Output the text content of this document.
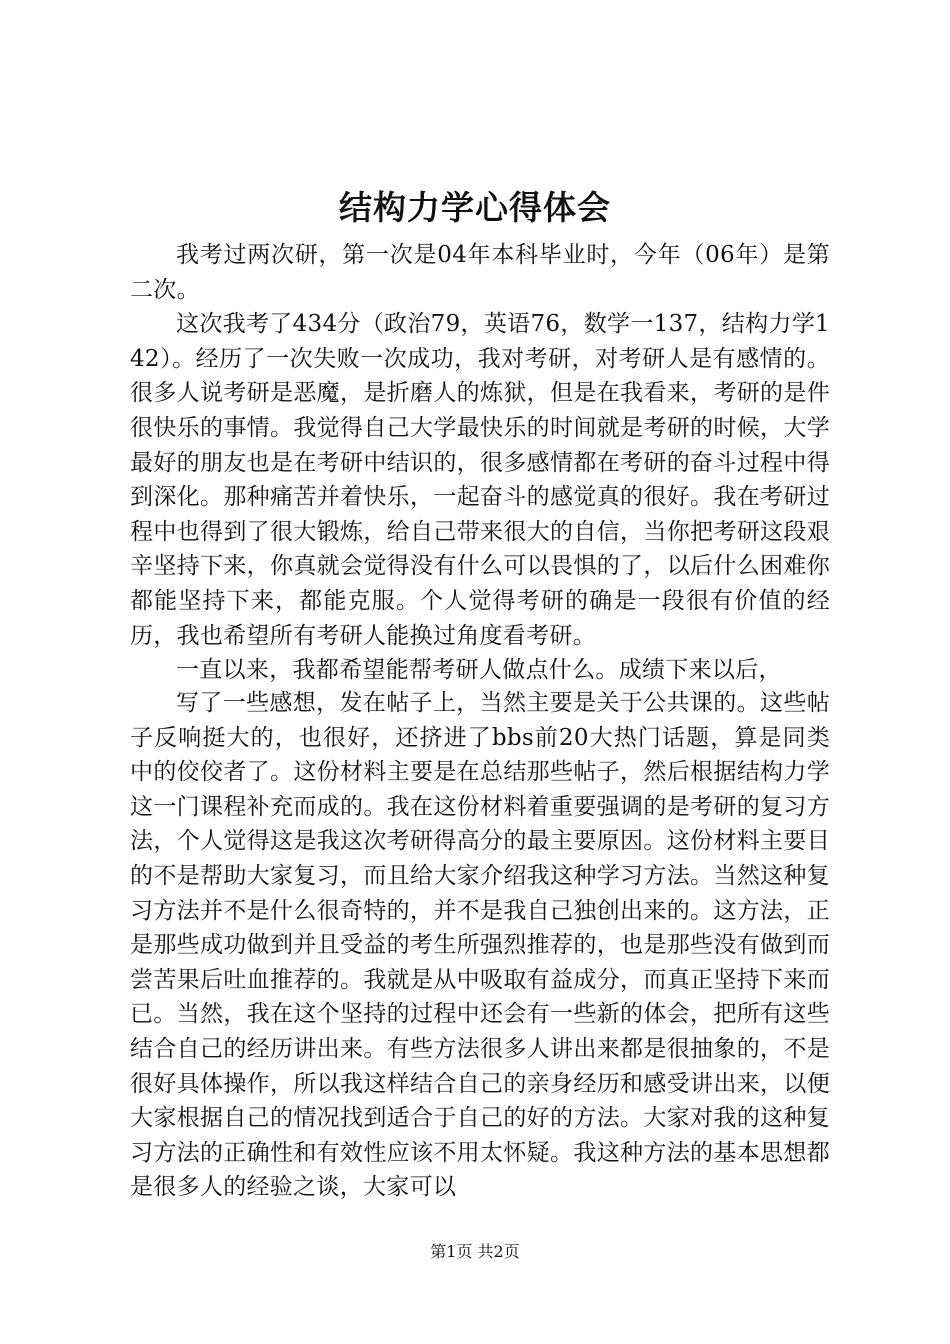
结构力学心得体会

我考过两次研，第一次是04年本科毕业时，今年（06年）是第二次。

这次我考了434分（政治79，英语76，数学一137，结构力学142）。经历了一次失败一次成功，我对考研，对考研人是有感情的。很多人说考研是恶魔，是折磨人的炼狱，但是在我看来，考研的是件很快乐的事情。我觉得自己大学最快乐的时间就是考研的时候，大学最好的朋友也是在考研中结识的，很多感情都在考研的奋斗过程中得到深化。那种痛苦并着快乐，一起奋斗的感觉真的很好。我在考研过程中也得到了很大锻炼，给自己带来很大的自信，当你把考研这段艰辛坚持下来，你真就会觉得没有什么可以畏惧的了，以后什么困难你都能坚持下来，都能克服。个人觉得考研的确是一段很有价值的经历，我也希望所有考研人能换过角度看考研。

一直以来，我都希望能帮考研人做点什么。成绩下来以后，

写了一些感想，发在帖子上，当然主要是关于公共课的。这些帖子反响挺大的，也很好，还挤进了bbs前20大热门话题，算是同类中的佼佼者了。这份材料主要是在总结那些帖子，然后根据结构力学这一门课程补充而成的。我在这份材料着重要强调的是考研的复习方法，个人觉得这是我这次考研得高分的最主要原因。这份材料主要目的不是帮助大家复习，而且给大家介绍我这种学习方法。当然这种复习方法并不是什么很奇特的，并不是我自己独创出来的。这方法，正是那些成功做到并且受益的考生所强烈推荐的，也是那些没有做到而尝苦果后吐血推荐的。我就是从中吸取有益成分，而真正坚持下来而已。当然，我在这个坚持的过程中还会有一些新的体会，把所有这些结合自己的经历讲出来。有些方法很多人讲出来都是很抽象的，不是很好具体操作，所以我这样结合自己的亲身经历和感受讲出来，以便大家根据自己的情况找到适合于自己的好的方法。大家对我的这种复习方法的正确性和有效性应该不用太怀疑。我这种方法的基本思想都是很多人的经验之谈，大家可以

第1页 共2页
